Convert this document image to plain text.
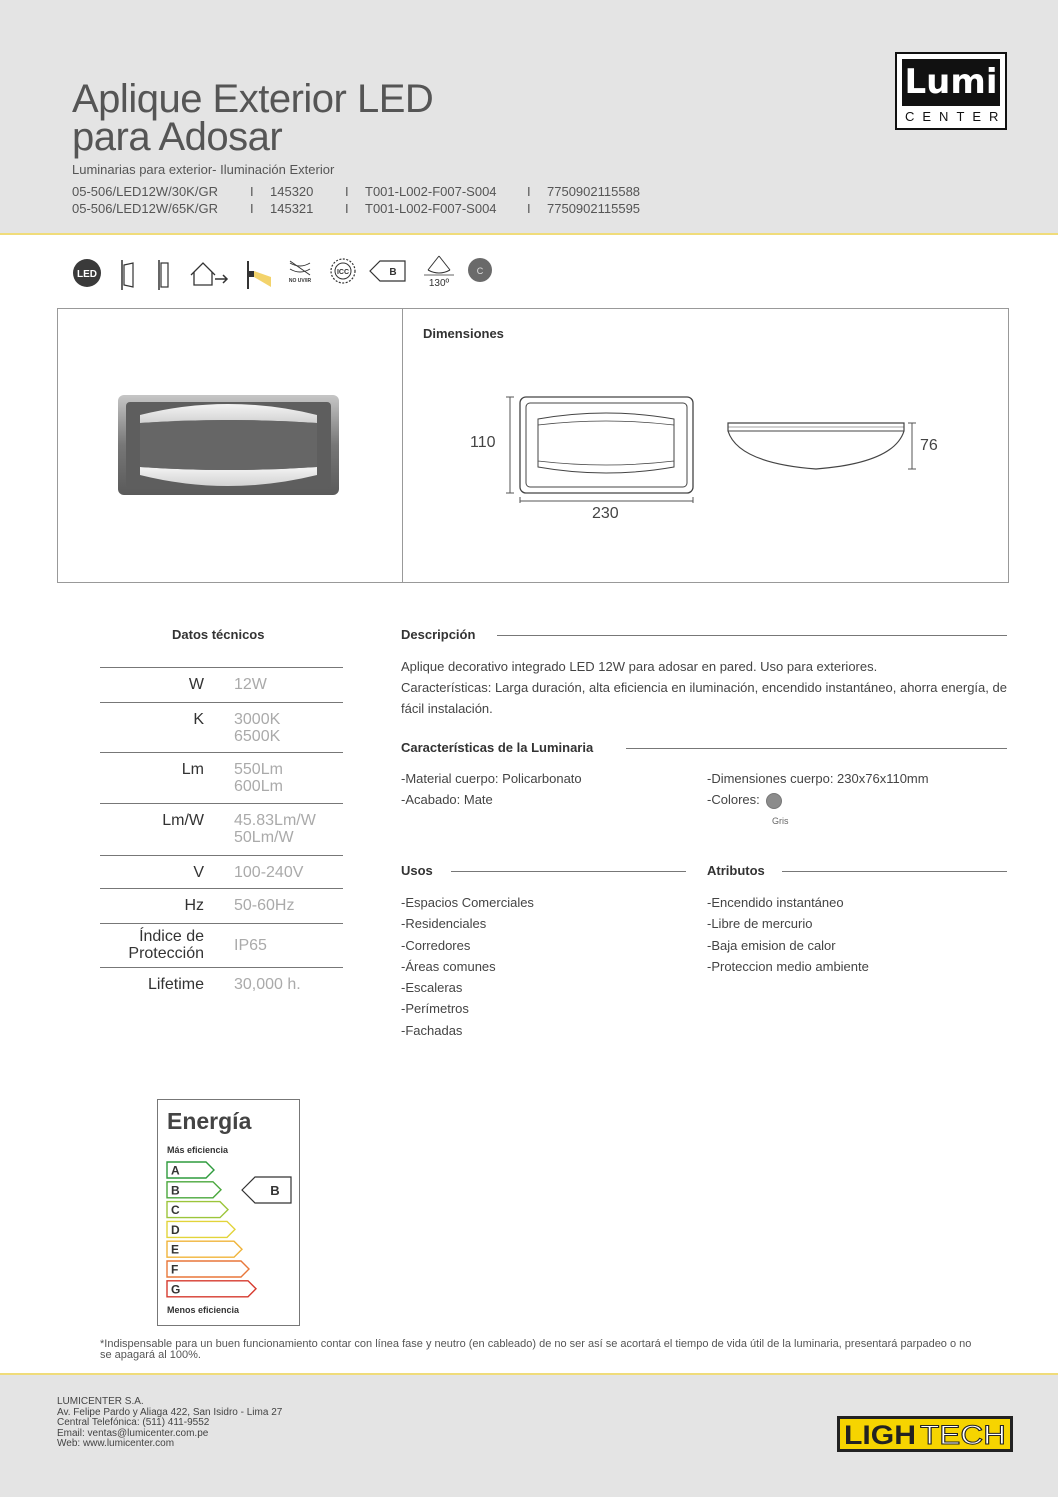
Aplique Exterior LED
para Adosar
Luminarias para exterior- Iluminación Exterior
05-506/LED12W/30K/GR	I	145320	I	T001-L002-F007-S004	I	7750902115588
05-506/LED12W/65K/GR	I	145321	I	T001-L002-F007-S004	I	7750902115595
Lumi
CENTER
LED
NO UV/IR
ICC	B
130º
C
Dimensiones
110
230
76
Datos técnicos
W	12W
K	3000K
6500K
Lm	550Lm
600Lm
Lm/W	45.83Lm/W
50Lm/W
V	100-240V
Hz	50-60Hz
Índice de
Protección	IP65
Lifetime	30,000 h.
Descripción
Aplique decorativo integrado LED 12W para adosar en pared. Uso para exteriores.
Características: Larga duración, alta eficiencia en iluminación, encendido instantáneo, ahorra energía, de fácil instalación.
Características de la Luminaria
-Material cuerpo: Policarbonato
-Acabado: Mate
-Dimensiones cuerpo: 230x76x110mm
-Colores:
Gris
Usos
-Espacios Comerciales
-Residenciales
-Corredores
-Áreas comunes
-Escaleras
-Perímetros
-Fachadas
Atributos
-Encendido instantáneo
-Libre de mercurio
-Baja emision de calor
-Proteccion medio ambiente
Energía
Más eficiencia
A
B
C
D
E
F
G
B
Menos eficiencia
*Indispensable para un buen funcionamiento contar con línea fase y neutro (en cableado) de no ser así se acortará el tiempo de vida útil de la luminaria, presentará parpadeo o no se apagará al 100%.
LUMICENTER S.A.
Av. Felipe Pardo y Aliaga 422, San Isidro - Lima 27
Central Telefónica: (511) 411-9552
Email: ventas@lumicenter.com.pe
Web: www.lumicenter.com	LIGH TECH
